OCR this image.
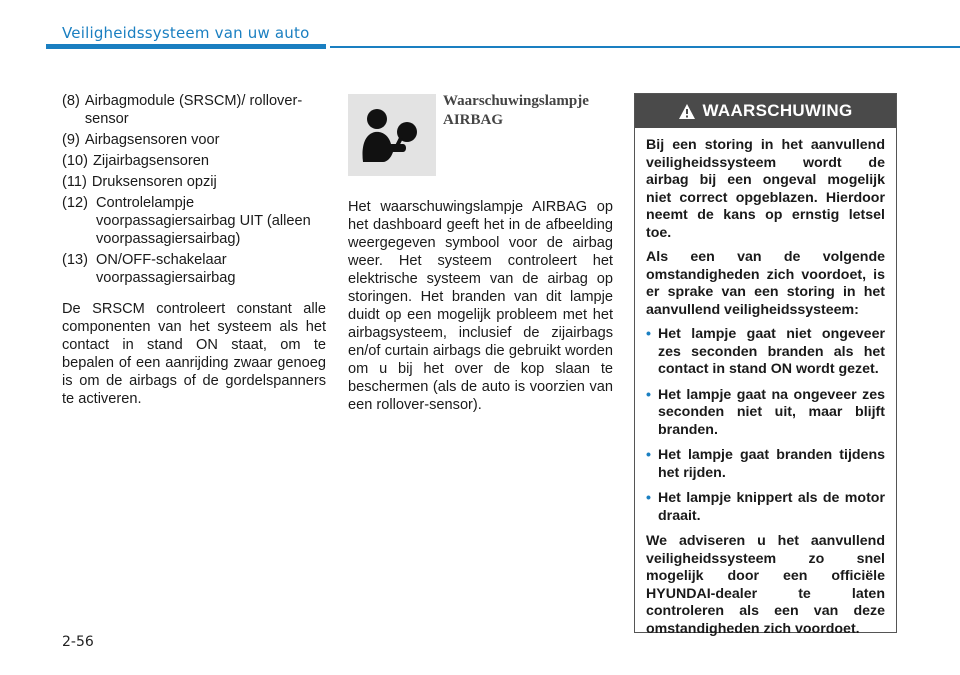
Veiligheidssysteem van uw auto
(8) Airbagmodule (SRSCM)/ rollover-sensor
(9) Airbagsensoren voor
(10) Zijairbagsensoren
(11) Druksensoren opzij
(12) Controlelampje voorpassagiersairbag UIT (alleen voorpassagiersairbag)
(13) ON/OFF-schakelaar voorpassagiersairbag
De SRSCM controleert constant alle componenten van het systeem als het contact in stand ON staat, om te bepalen of een aanrijding zwaar genoeg is om de airbags of de gordelspanners te activeren.
Waarschuwingslampje AIRBAG
Het waarschuwingslampje AIRBAG op het dashboard geeft het in de afbeelding weergegeven symbool voor de airbag weer. Het systeem controleert het elektrische systeem van de airbag op storingen. Het branden van dit lampje duidt op een mogelijk probleem met het airbagsysteem, inclusief de zijairbags en/of curtain airbags die gebruikt worden om u bij het over de kop slaan te beschermen (als de auto is voorzien van een rollover-sensor).
WAARSCHUWING

Bij een storing in het aanvullend veiligheidssysteem wordt de airbag bij een ongeval mogelijk niet correct opgeblazen. Hierdoor neemt de kans op ernstig letsel toe.

Als een van de volgende omstandigheden zich voordoet, is er sprake van een storing in het aanvullend veiligheidssysteem:

• Het lampje gaat niet ongeveer zes seconden branden als het contact in stand ON wordt gezet.
• Het lampje gaat na ongeveer zes seconden niet uit, maar blijft branden.
• Het lampje gaat branden tijdens het rijden.
• Het lampje knippert als de motor draait.

We adviseren u het aanvullend veiligheidssysteem zo snel mogelijk door een officiële HYUNDAI-dealer te laten controleren als een van deze omstandigheden zich voordoet.

2-56
